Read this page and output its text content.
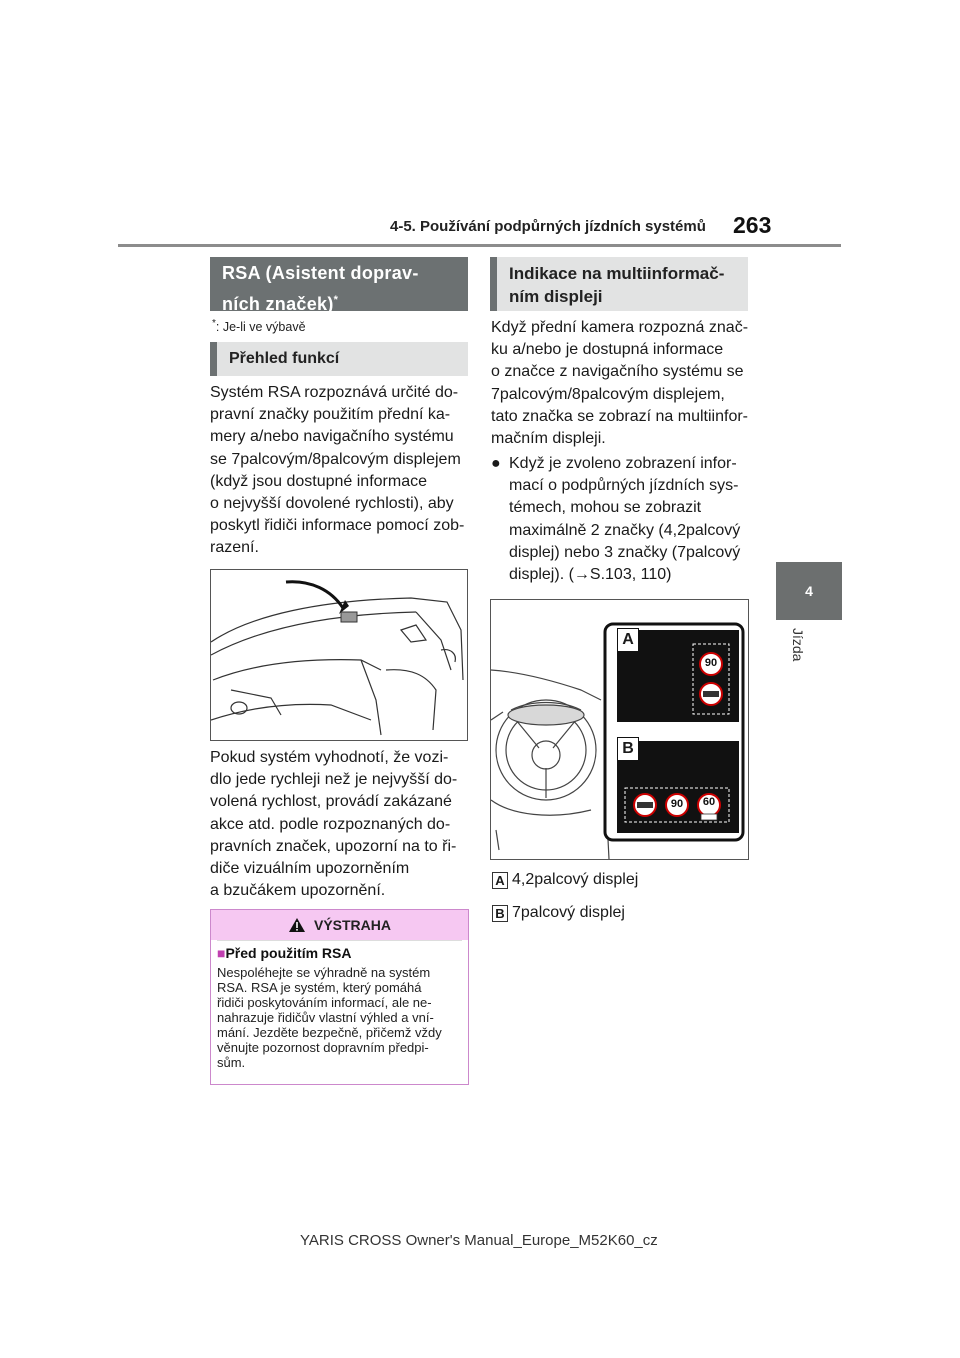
4-5. Používání podpůrných jízdních systémů 263
4
Jízda
RSA (Asistent doprav-
ních značek)*
*: Je-li ve výbavě
Přehled funkcí
Systém RSA rozpoznává určité do-
pravní značky použitím přední ka-
mery a/nebo navigačního systému
se 7palcovým/8palcovým displejem
(když jsou dostupné informace
o nejvyšší dovolené rychlosti), aby
poskytl řidiči informace pomocí zob-
razení.
Pokud systém vyhodnotí, že vozi-
dlo jede rychleji než je nejvyšší do-
volená rychlost, provádí zakázané
akce atd. podle rozpoznaných do-
pravních značek, upozorní na to ři-
diče vizuálním upozorněním
a bzučákem upozornění.
VÝSTRAHA
■Před použitím RSA
Nespoléhejte se výhradně na systém
RSA. RSA je systém, který pomáhá
řidiči poskytováním informací, ale ne-
nahrazuje řidičův vlastní výhled a vní-
mání. Jezděte bezpečně, přičemž vždy
věnujte pozornost dopravním předpi-
sům.
Indikace na multiinformač-
ním displeji
Když přední kamera rozpozná znač-
ku a/nebo je dostupná informace
o značce z navigačního systému se
7palcovým/8palcovým displejem,
tato značka se zobrazí na multiinfor-
mačním displeji.
● Když je zvoleno zobrazení infor-
mací o podpůrných jízdních sys-
témech, mohou se zobrazit
maximálně 2 značky (4,2palcový
displej) nebo 3 značky (7palcový
displej). (→S.103, 110)
A
B
90
90	60
A 4,2palcový displej
B 7palcový displej
YARIS CROSS Owner's Manual_Europe_M52K60_cz
